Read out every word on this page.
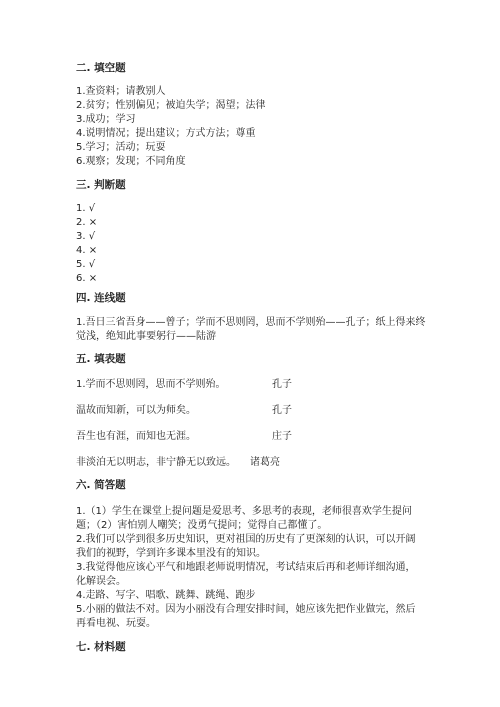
二. 填空题
1.查资料；请教别人
2.贫穷；性别偏见；被迫失学；渴望；法律
3.成功；学习
4.说明情况；提出建议；方式方法；尊重
5.学习；活动；玩耍
6.观察；发现；不同角度
三. 判断题
1. √
2. ×
3. √
4. ×
5. √
6. ×
四. 连线题
1.吾日三省吾身——曾子；学而不思则罔，思而不学则殆——孔子；纸上得来终
觉浅，绝知此事要躬行——陆游
五. 填表题
1.学而不思则罔，思而不学则殆。	孔子
温故而知新，可以为师矣。	孔子
吾生也有涯，而知也无涯。	庄子
非淡泊无以明志，非宁静无以致远。 诸葛亮
六. 简答题
1.（1）学生在课堂上提问题是爱思考、多思考的表现，老师很喜欢学生提问
题；（2）害怕别人嘲笑；没勇气提问；觉得自己都懂了。
2.我们可以学到很多历史知识，更对祖国的历史有了更深刻的认识，可以开阔
我们的视野，学到许多课本里没有的知识。
3.我觉得他应该心平气和地跟老师说明情况，考试结束后再和老师详细沟通，
化解误会。
4.走路、写字、唱歌、跳舞、跳绳、跑步
5.小丽的做法不对。因为小丽没有合理安排时间，她应该先把作业做完，然后
再看电视、玩耍。
七. 材料题
